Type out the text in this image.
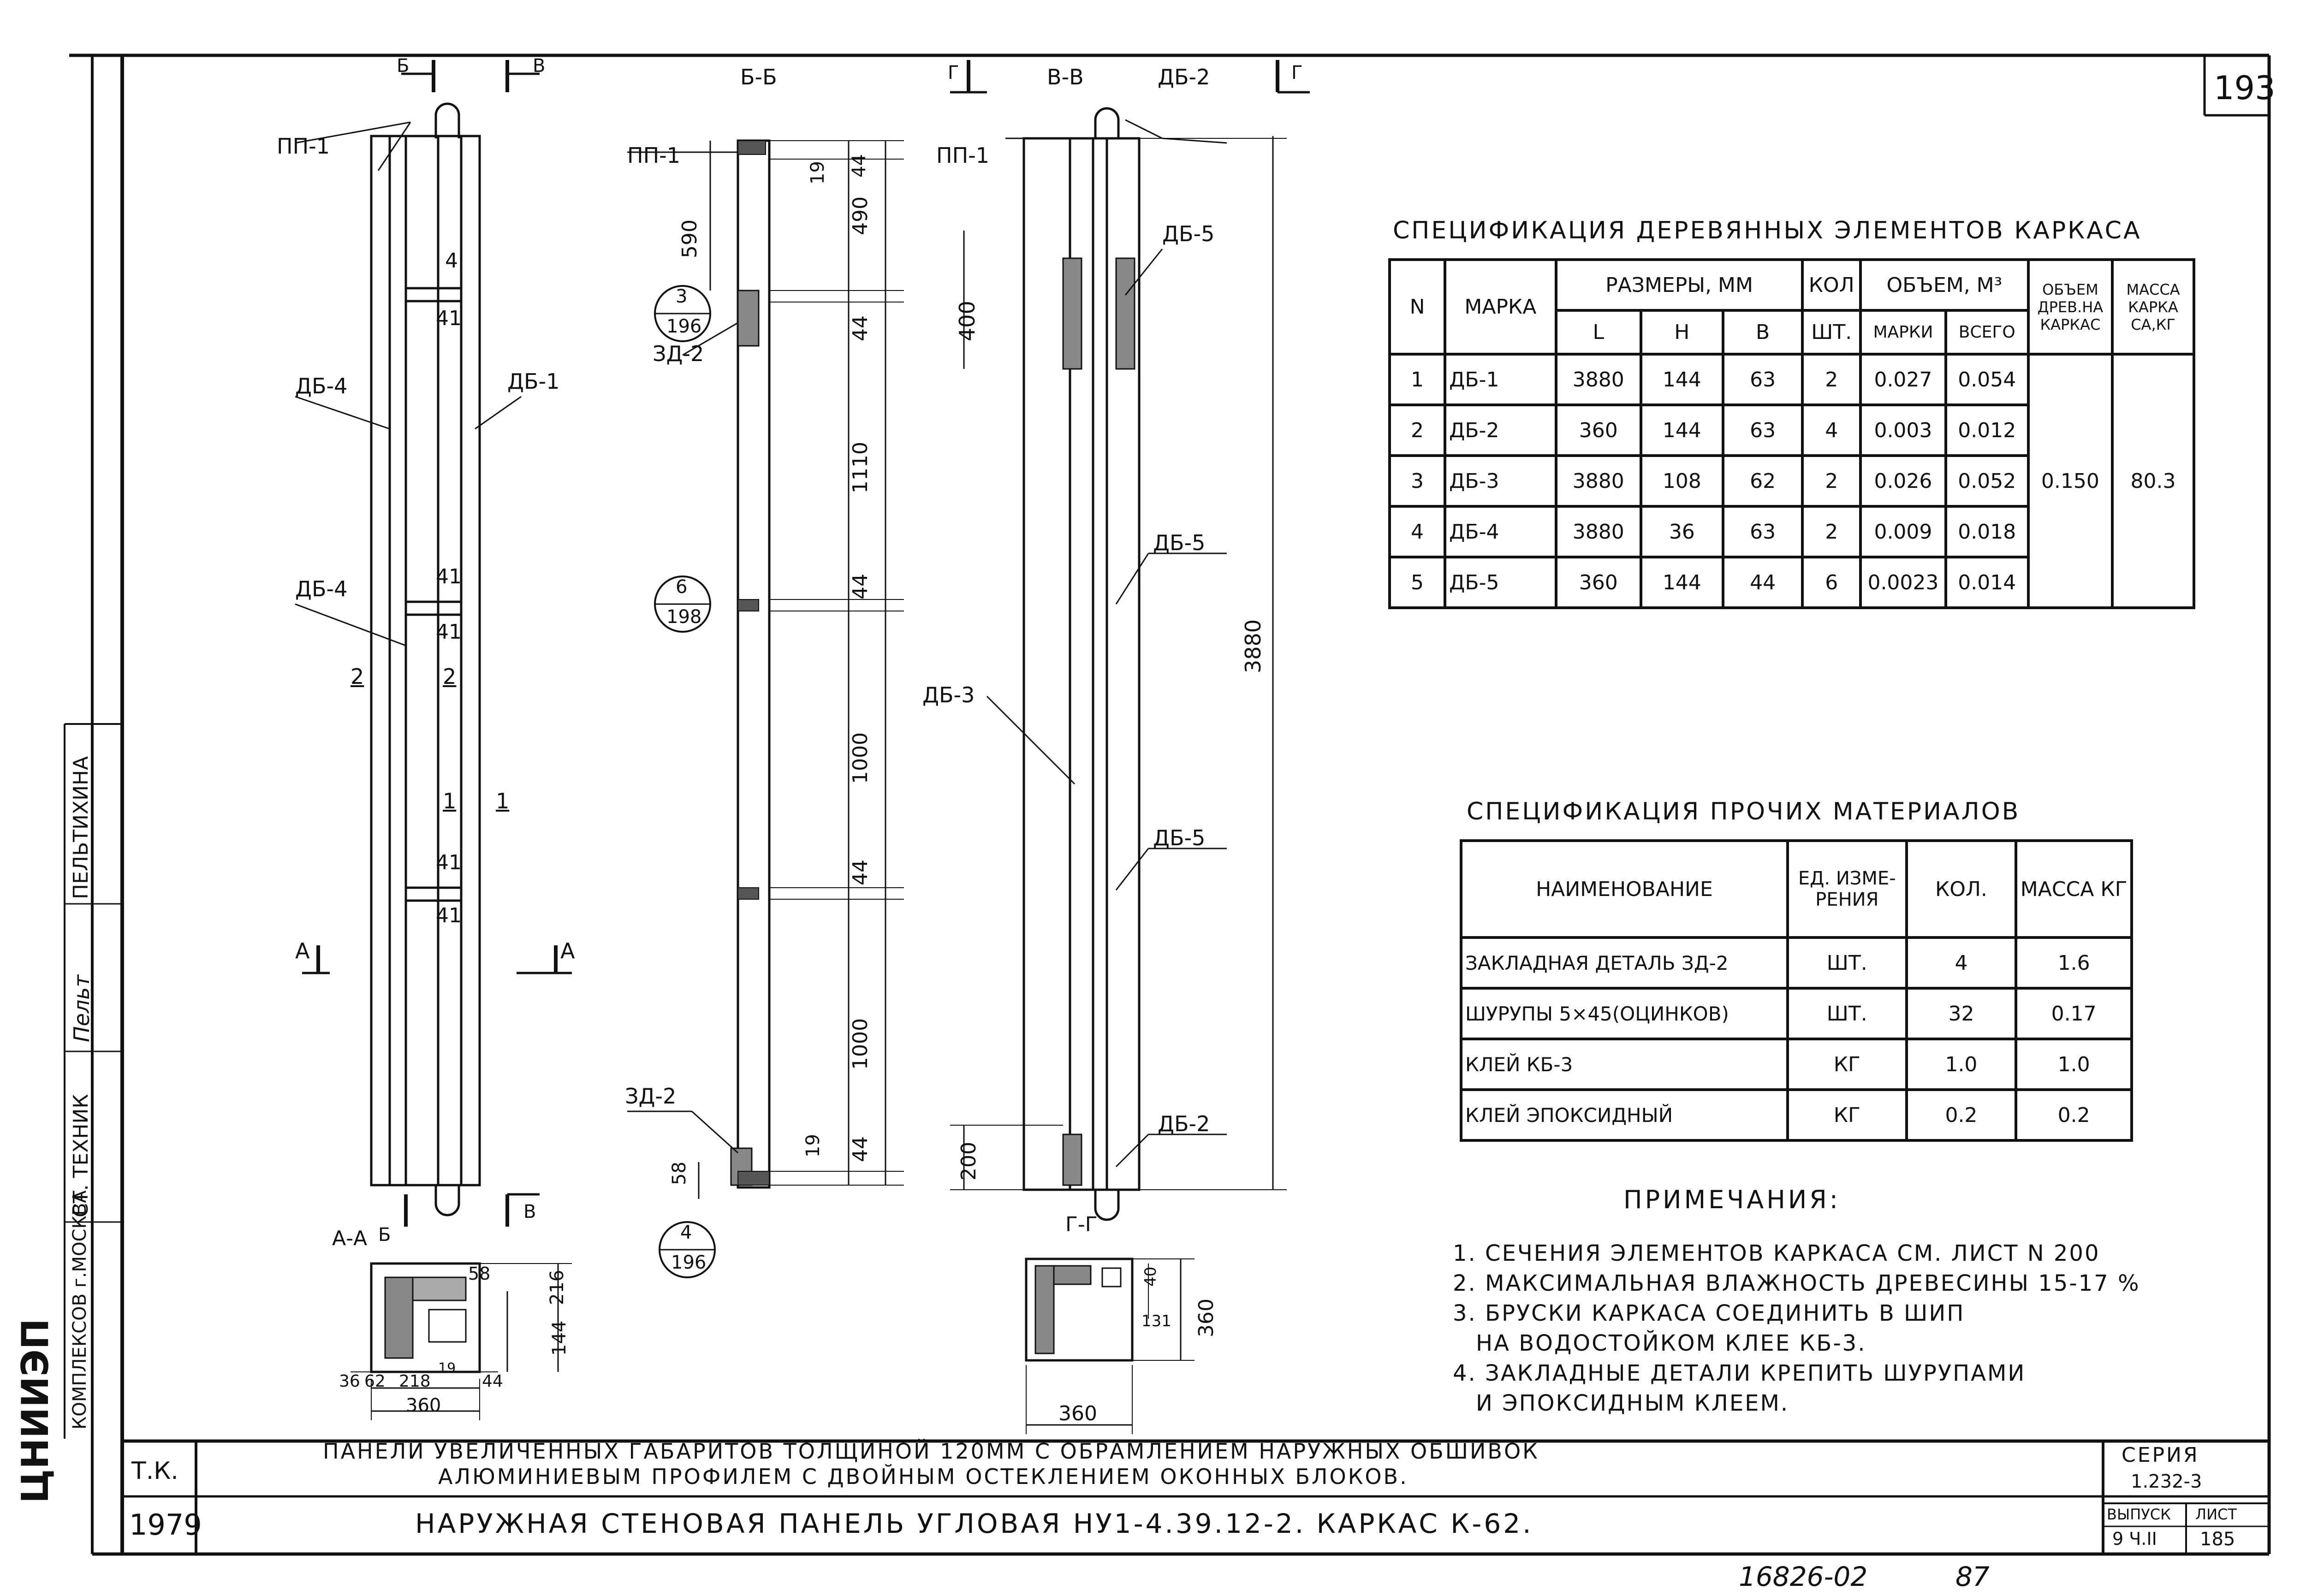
ЦНИИЭП КОМПЛЕКСОВ г.МОСКВА
СТ. ТЕХНИК
Пельт
ПЕЛЬТИХИНА
193
Б	В	Б-Б	Г	В-В	ДБ-2	Г
ПП-1	ПП-1	ПП-1
ДБ-5
ДБ-5
ДБ-5
ДБ-2
ДБ-3
ДБ-4	ДБ-1
ДБ-4
ЗД-2
ЗД-2
2	2
1 1
4
41
41
41
41
41
А	А
Б
В
А-А
Г-Г
3
196
6
198
4
196
590
19
490
44
44
1110
44
1000
44
1000
19 44
58
400
200
3880
216
144
360
40
58
36 62 218
19
44
360
131
360
СПЕЦИФИКАЦИЯ ДЕРЕВЯННЫХ ЭЛЕМЕНТОВ КАРКАСА
N	МАРКА	РАЗМЕРЫ, ММ			КОЛ	ОБЪЕМ, М³		ОБЪЕМ ДРЕВ.НА КАРКАС	МАССА КАРКА СА,КГ
		L	H	В	ШТ.	МАРКИ	ВСЕГО		
1	ДБ-1	3880	144	63	2	0.027	0.054	0.150	80.3
2	ДБ-2	360	144	63	4	0.003	0.012		
3	ДБ-3	3880	108	62	2	0.026	0.052		
4	ДБ-4	3880	36	63	2	0.009	0.018		
5	ДБ-5	360	144	44	6	0.0023	0.014		
СПЕЦИФИКАЦИЯ ПРОЧИХ МАТЕРИАЛОВ
НАИМЕНОВАНИЕ	ЕД. ИЗМЕ- РЕНИЯ	КОЛ.	МАССА КГ
ЗАКЛАДНАЯ ДЕТАЛЬ ЗД-2	ШТ.	4	1.6
ШУРУПЫ 5×45(ОЦИНКОВ)	ШТ.	32	0.17
КЛЕЙ КБ-3	КГ	1.0	1.0
КЛЕЙ ЭПОКСИДНЫЙ	КГ	0.2	0.2
ПРИМЕЧАНИЯ:
1. СЕЧЕНИЯ ЭЛЕМЕНТОВ КАРКАСА СМ. ЛИСТ N 200
2. МАКСИМАЛЬНАЯ ВЛАЖНОСТЬ ДРЕВЕСИНЫ 15-17 %
3. БРУСКИ КАРКАСА СОЕДИНИТЬ В ШИП
НА ВОДОСТОЙКОМ КЛЕЕ КБ-3.
4. ЗАКЛАДНЫЕ ДЕТАЛИ КРЕПИТЬ ШУРУПАМИ
И ЭПОКСИДНЫМ КЛЕЕМ.
Т.К.
1979
ПАНЕЛИ УВЕЛИЧЕННЫХ ГАБАРИТОВ ТОЛЩИНОЙ 120ММ С ОБРАМЛЕНИЕМ НАРУЖНЫХ ОБШИВОК
АЛЮМИНИЕВЫМ ПРОФИЛЕМ С ДВОЙНЫМ ОСТЕКЛЕНИЕМ ОКОННЫХ БЛОКОВ.
НАРУЖНАЯ СТЕНОВАЯ ПАНЕЛЬ УГЛОВАЯ НУ1-4.39.12-2. КАРКАС К-62.
СЕРИЯ
1.232-3
ВЫПУСК
9 Ч.II
ЛИСТ
185
16826-02	87
